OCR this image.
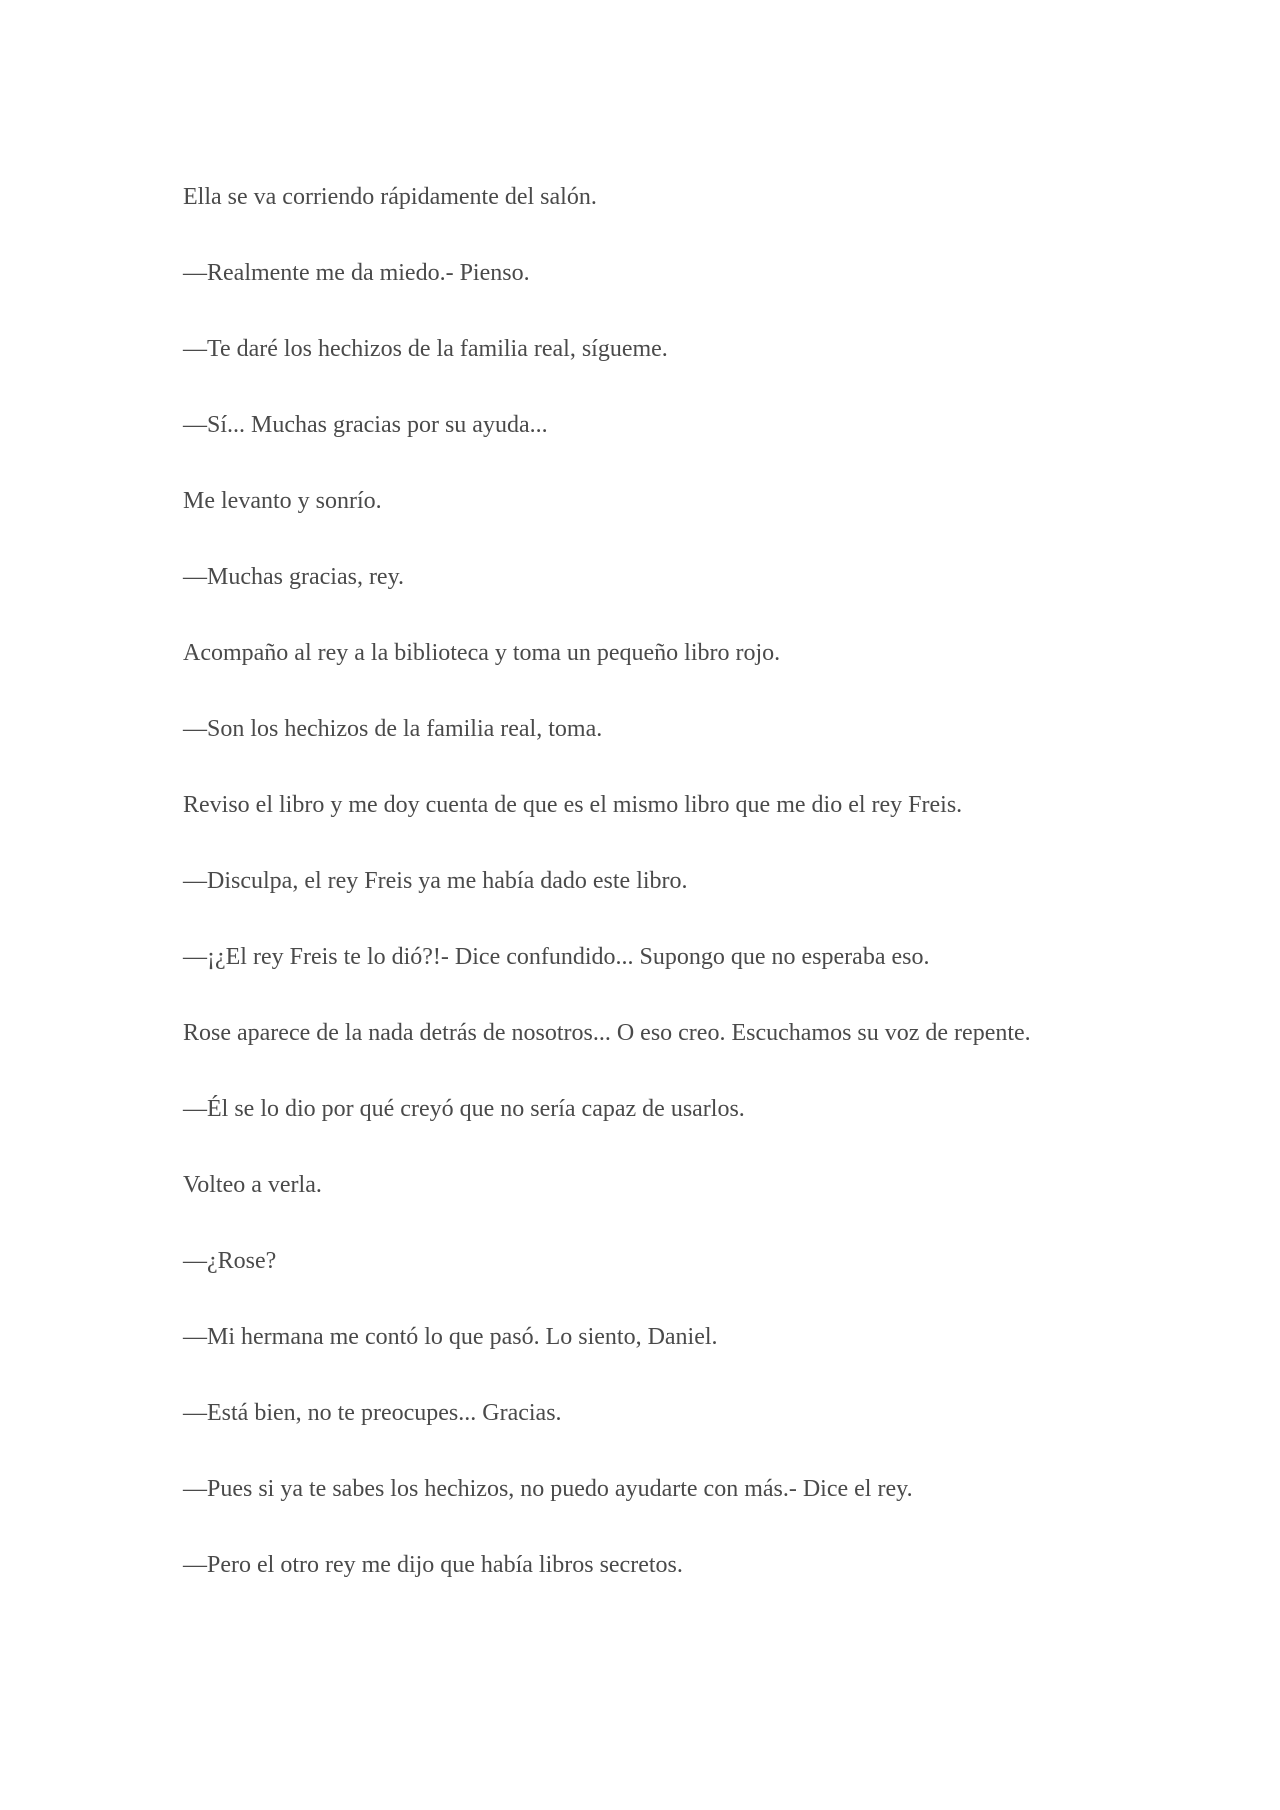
Ella se va corriendo rápidamente del salón.

—Realmente me da miedo.- Pienso.

—Te daré los hechizos de la familia real, sígueme.

—Sí... Muchas gracias por su ayuda...

Me levanto y sonrío.

—Muchas gracias, rey.

Acompaño al rey a la biblioteca y toma un pequeño libro rojo.

—Son los hechizos de la familia real, toma.

Reviso el libro y me doy cuenta de que es el mismo libro que me dio el rey Freis.

—Disculpa, el rey Freis ya me había dado este libro.

—¡¿El rey Freis te lo dió?!- Dice confundido... Supongo que no esperaba eso.

Rose aparece de la nada detrás de nosotros... O eso creo. Escuchamos su voz de repente.

—Él se lo dio por qué creyó que no sería capaz de usarlos.

Volteo a verla.

—¿Rose?

—Mi hermana me contó lo que pasó. Lo siento, Daniel.

—Está bien, no te preocupes... Gracias.

—Pues si ya te sabes los hechizos, no puedo ayudarte con más.- Dice el rey.

—Pero el otro rey me dijo que había libros secretos.
